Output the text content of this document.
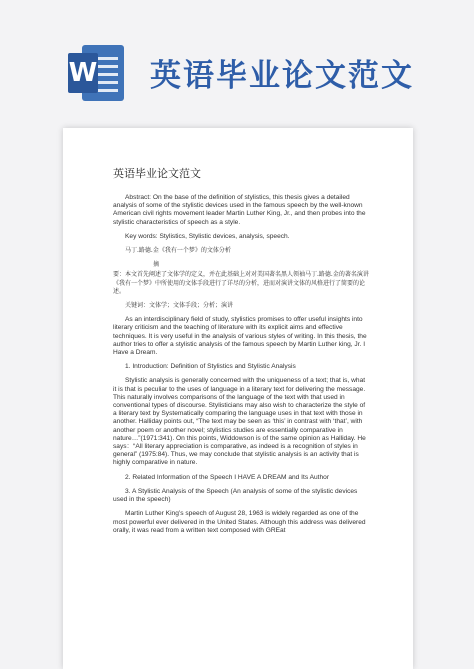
W 英语毕业论文范文
英语毕业论文范文

Abstract: On the base of the definition of stylistics, this thesis gives a detailed analysis of some of the stylistic devices used in the famous speech by the well-known American civil rights movement leader Martin Luther King, Jr., and then probes into the stylistic characteristics of speech as a style.

Key words: Stylistics, Stylistic devices, analysis, speech.

马丁.路德.金《我有一个梦》的文体分析

摘

要：本文首先阐述了文体学的定义，并在此基础上对对美国著名黑人领袖马丁.路德.金的著名演讲《我有一个梦》中所使用的文体手段进行了详尽的分析，进而对演讲文体的风格进行了简要的论述。

关键词：文体学；文体手段；分析；演讲

As an interdisciplinary field of study, stylistics promises to offer useful insights into literary criticism and the teaching of literature with its explicit aims and effective techniques. It is very useful in the analysis of various styles of writing. In this thesis, the author tries to offer a stylistic analysis of the famous speech by Martin Luther king, Jr. I Have a Dream.

1. Introduction: Definition of Stylistics and Stylistic Analysis

Stylistic analysis is generally concerned with the uniqueness of a text; that is, what it is that is peculiar to the uses of language in a literary text for delivering the message. This naturally involves comparisons of the language of the text with that used in conventional types of discourse. Stylisticians may also wish to characterize the style of a literary text by Systematically comparing the language uses in that text with those in another. Halliday points out, “The text may be seen as ‘this’ in contrast with ‘that’, with another poem or another novel; stylistics studies are essentially comparative in nature…”(1971:341). On this points, Widdowson is of the same opinion as Halliday. He says：“All literary appreciation is comparative, as indeed is a recognition of styles in general” (1975:84). Thus, we may conclude that stylistic analysis is an activity that is highly comparative in nature.

2. Related Information of the Speech I HAVE A DREAM and Its Author

3. A Stylistic Analysis of the Speech (An analysis of some of the stylistic devices used in the speech)

Martin Luther King’s speech of August 28, 1963 is widely regarded as one of the most powerful ever delivered in the United States. Although this address was delivered orally, it was read from a written text composed with GREat
